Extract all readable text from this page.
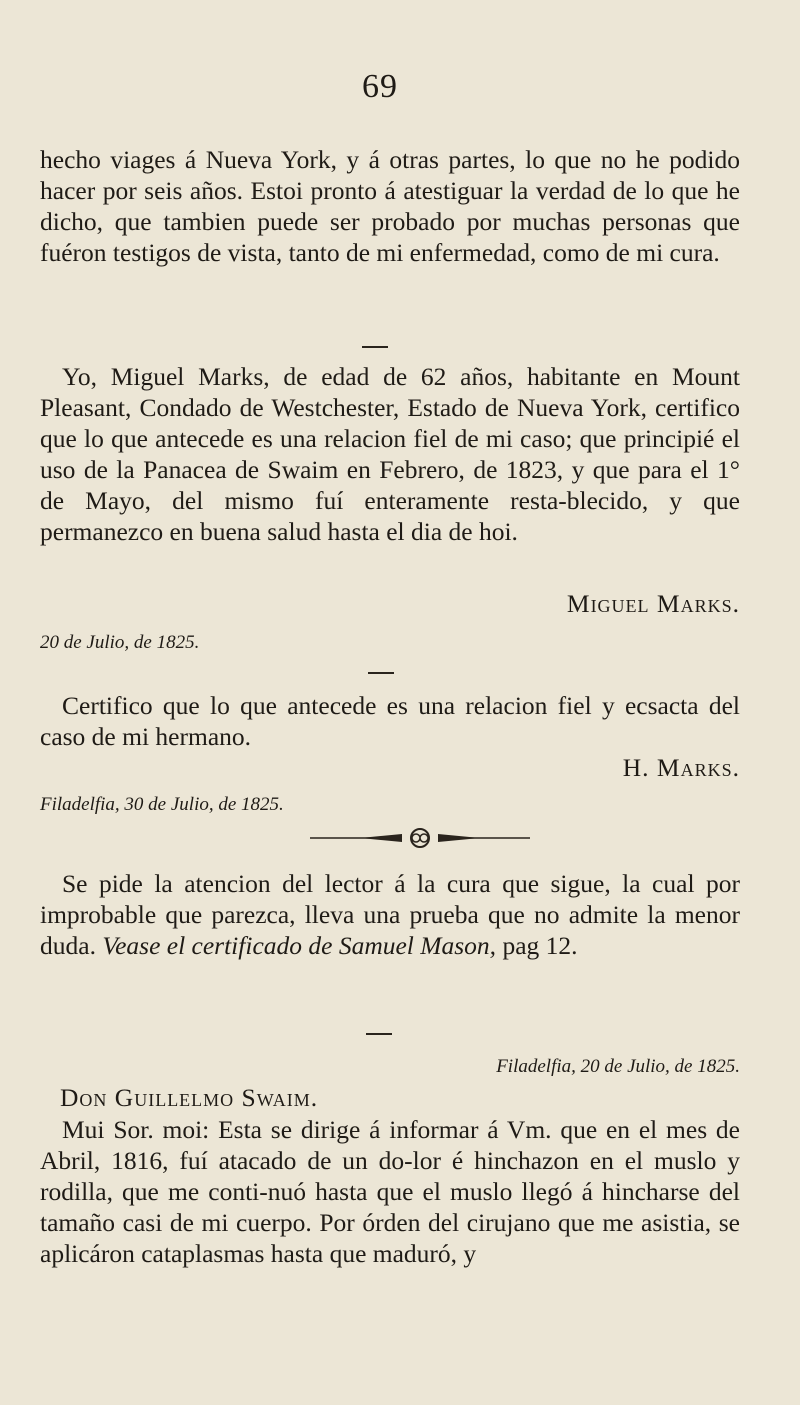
69

hecho viages á Nueva York, y á otras partes, lo que no he podido hacer por seis años. Estoi pronto á atestiguar la verdad de lo que he dicho, que tambien puede ser probado por muchas personas que fuéron testigos de vista, tanto de mi enfermedad, como de mi cura.

Yo, Miguel Marks, de edad de 62 años, habitante en Mount Pleasant, Condado de Westchester, Estado de Nueva York, certifico que lo que antecede es una relacion fiel de mi caso; que principié el uso de la Panacea de Swaim en Febrero, de 1823, y que para el 1° de Mayo, del mismo fuí enteramente resta-blecido, y que permanezco en buena salud hasta el dia de hoi.

Miguel Marks.
20 de Julio, de 1825.

Certifico que lo que antecede es una relacion fiel y ecsacta del caso de mi hermano.

H. Marks.
Filadelfia, 30 de Julio, de 1825.

Se pide la atencion del lector á la cura que sigue, la cual por improbable que parezca, lleva una prueba que no admite la menor duda. Vease el certificado de Samuel Mason, pag 12.

Filadelfia, 20 de Julio, de 1825.
Don Guillelmo Swaim.

Mui Sor. moi: Esta se dirige á informar á Vm. que en el mes de Abril, 1816, fuí atacado de un do-lor é hinchazon en el muslo y rodilla, que me conti-nuó hasta que el muslo llegó á hincharse del tamaño casi de mi cuerpo. Por órden del cirujano que me asistia, se aplicáron cataplasmas hasta que maduró, y
